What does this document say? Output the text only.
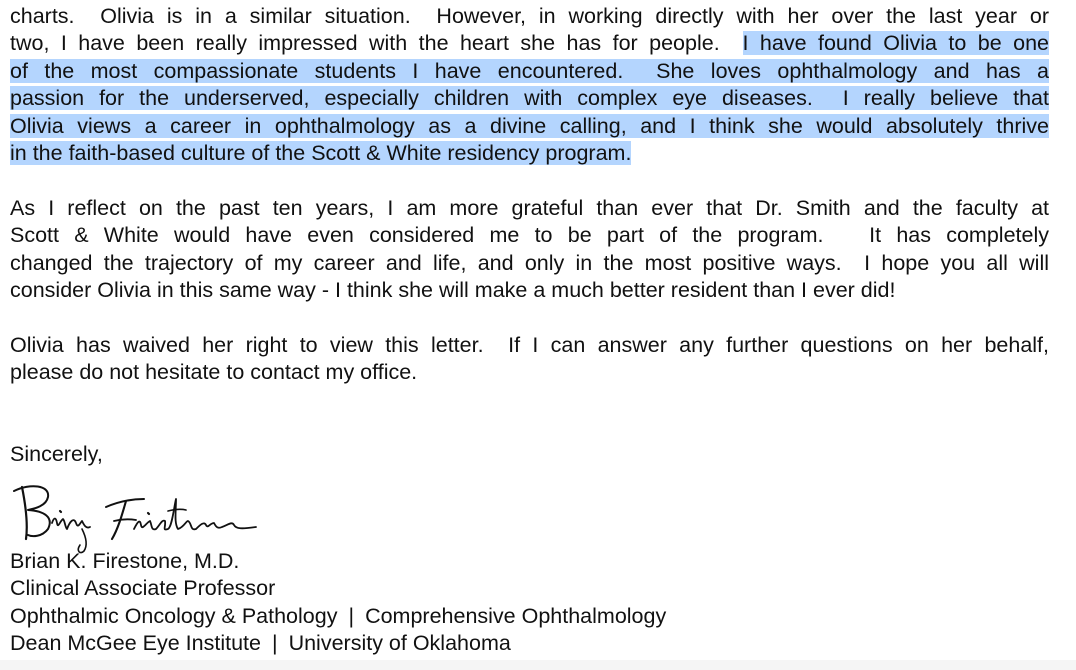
charts.  Olivia is in a similar situation.  However, in working directly with her over the last year or
two, I have been really impressed with the heart she has for people.  I have found Olivia to be one
of the most compassionate students I have encountered.  She loves ophthalmology and has a
passion for the underserved, especially children with complex eye diseases.  I really believe that
Olivia views a career in ophthalmology as a divine calling, and I think she would absolutely thrive
in the faith-based culture of the Scott & White residency program.
As I reflect on the past ten years, I am more grateful than ever that Dr. Smith and the faculty at
Scott & White would have even considered me to be part of the program.   It has completely
changed the trajectory of my career and life, and only in the most positive ways.  I hope you all will
consider Olivia in this same way - I think she will make a much better resident than I ever did!
Olivia has waived her right to view this letter.  If I can answer any further questions on her behalf,
please do not hesitate to contact my office.
Sincerely,
Brian K. Firestone, M.D.
Clinical Associate Professor
Ophthalmic Oncology & Pathology | Comprehensive Ophthalmology
Dean McGee Eye Institute | University of Oklahoma
